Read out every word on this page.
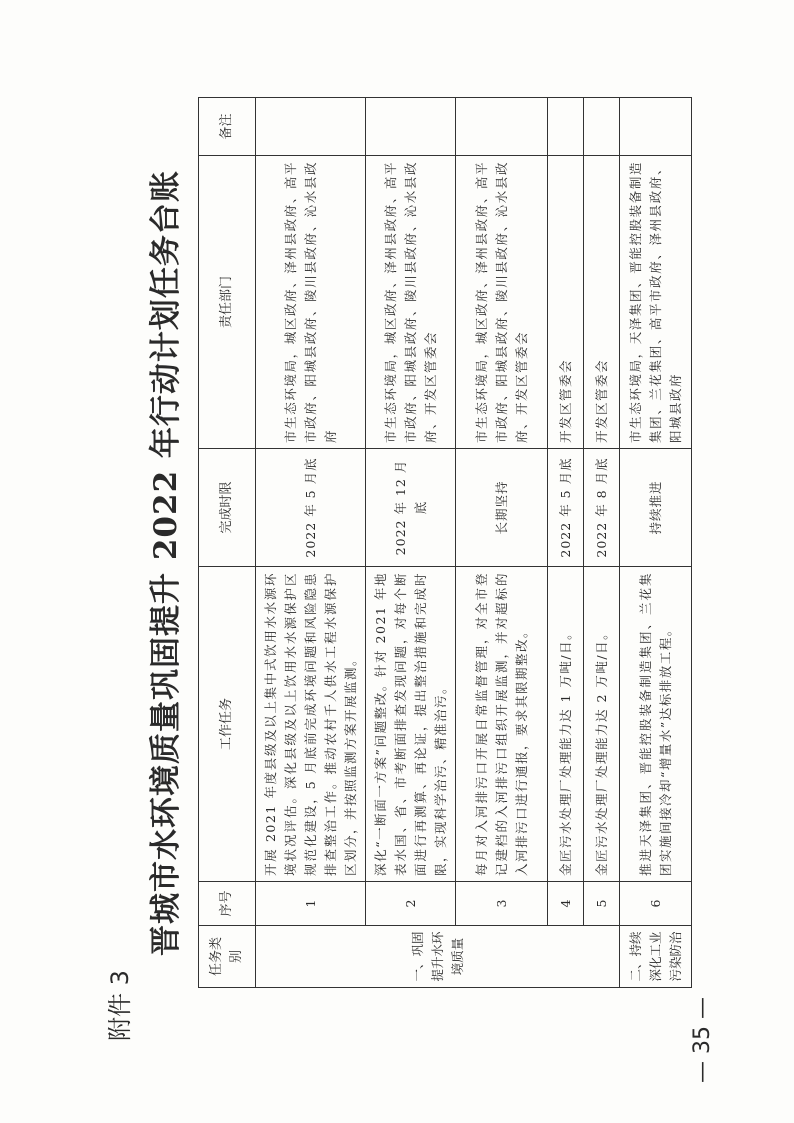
附件 3
晋城市水环境质量巩固提升 2022 年行动计划任务台账
任务类别	序号	工作任务	完成时限	责任部门	备注
一、巩固提升水环境质量	1	开展 2021 年度县级及以上集中式饮用水水源环境状况评估。深化县级及以上饮用水水源保护区规范化建设，5 月底前完成环境问题和风险隐患排查整治工作。推动农村千人供水工程水源保护区划分，并按照监测方案开展监测。	2022 年 5 月底	市生态环境局，城区政府、泽州县政府、高平市政府、阳城县政府、陵川县政府、沁水县政府	
	2	深化“一断面一方案”问题整改。针对 2021 年地表水国、省、市考断面排查发现问题，对每个断面进行再测算、再论证，提出整治措施和完成时限，实现科学治污、精准治污。	2022 年 12 月底	市生态环境局，城区政府、泽州县政府、高平市政府、阳城县政府、陵川县政府、沁水县政府、开发区管委会	
	3	每月对入河排污口开展日常监督管理，对全市登记建档的入河排污口组织开展监测，并对超标的入河排污口进行通报，要求其限期整改。	长期坚持	市生态环境局，城区政府、泽州县政府、高平市政府、阳城县政府、陵川县政府、沁水县政府、开发区管委会	
	4	金匠污水处理厂处理能力达 1 万吨/日。	2022 年 5 月底	开发区管委会	
	5	金匠污水处理厂处理能力达 2 万吨/日。	2022 年 8 月底	开发区管委会	
二、持续深化工业污染防治	6	推进天泽集团、晋能控股装备制造集团、兰花集团实施间接冷却“增量水”达标排放工程。	持续推进	市生态环境局，天泽集团、晋能控股装备制造集团、兰花集团、高平市政府、泽州县政府、阳城县政府	
— 35 —
